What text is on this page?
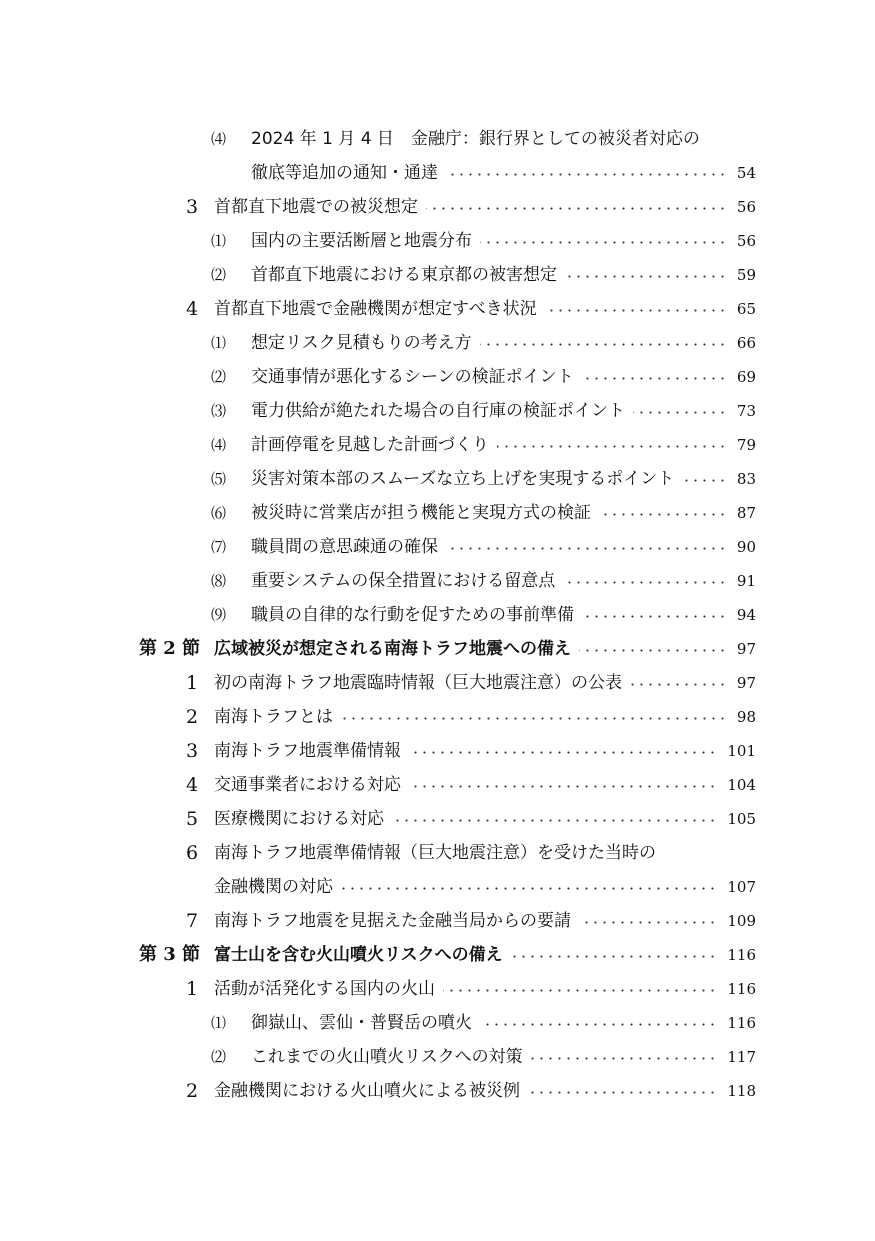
⑷ 2024 年 1 月 4 日　金融庁：銀行界としての被災者対応の
徹底等追加の通知・通達	54
3 首都直下地震での被災想定	56
⑴ 国内の主要活断層と地震分布	56
⑵ 首都直下地震における東京都の被害想定	59
4 首都直下地震で金融機関が想定すべき状況	65
⑴ 想定リスク見積もりの考え方	66
⑵ 交通事情が悪化するシーンの検証ポイント	69
⑶ 電力供給が絶たれた場合の自行庫の検証ポイント	73
⑷ 計画停電を見越した計画づくり	79
⑸ 災害対策本部のスムーズな立ち上げを実現するポイント	83
⑹ 被災時に営業店が担う機能と実現方式の検証	87
⑺ 職員間の意思疎通の確保	90
⑻ 重要システムの保全措置における留意点	91
⑼ 職員の自律的な行動を促すための事前準備	94
第 2 節 広域被災が想定される南海トラフ地震への備え	97
1 初の南海トラフ地震臨時情報（巨大地震注意）の公表	97
2 南海トラフとは	98
3 南海トラフ地震準備情報	101
4 交通事業者における対応	104
5 医療機関における対応	105
6 南海トラフ地震準備情報（巨大地震注意）を受けた当時の
金融機関の対応	107
7 南海トラフ地震を見据えた金融当局からの要請	109
第 3 節 富士山を含む火山噴火リスクへの備え	116
1 活動が活発化する国内の火山	116
⑴ 御嶽山、雲仙・普賢岳の噴火	116
⑵ これまでの火山噴火リスクへの対策	117
2 金融機関における火山噴火による被災例	118
